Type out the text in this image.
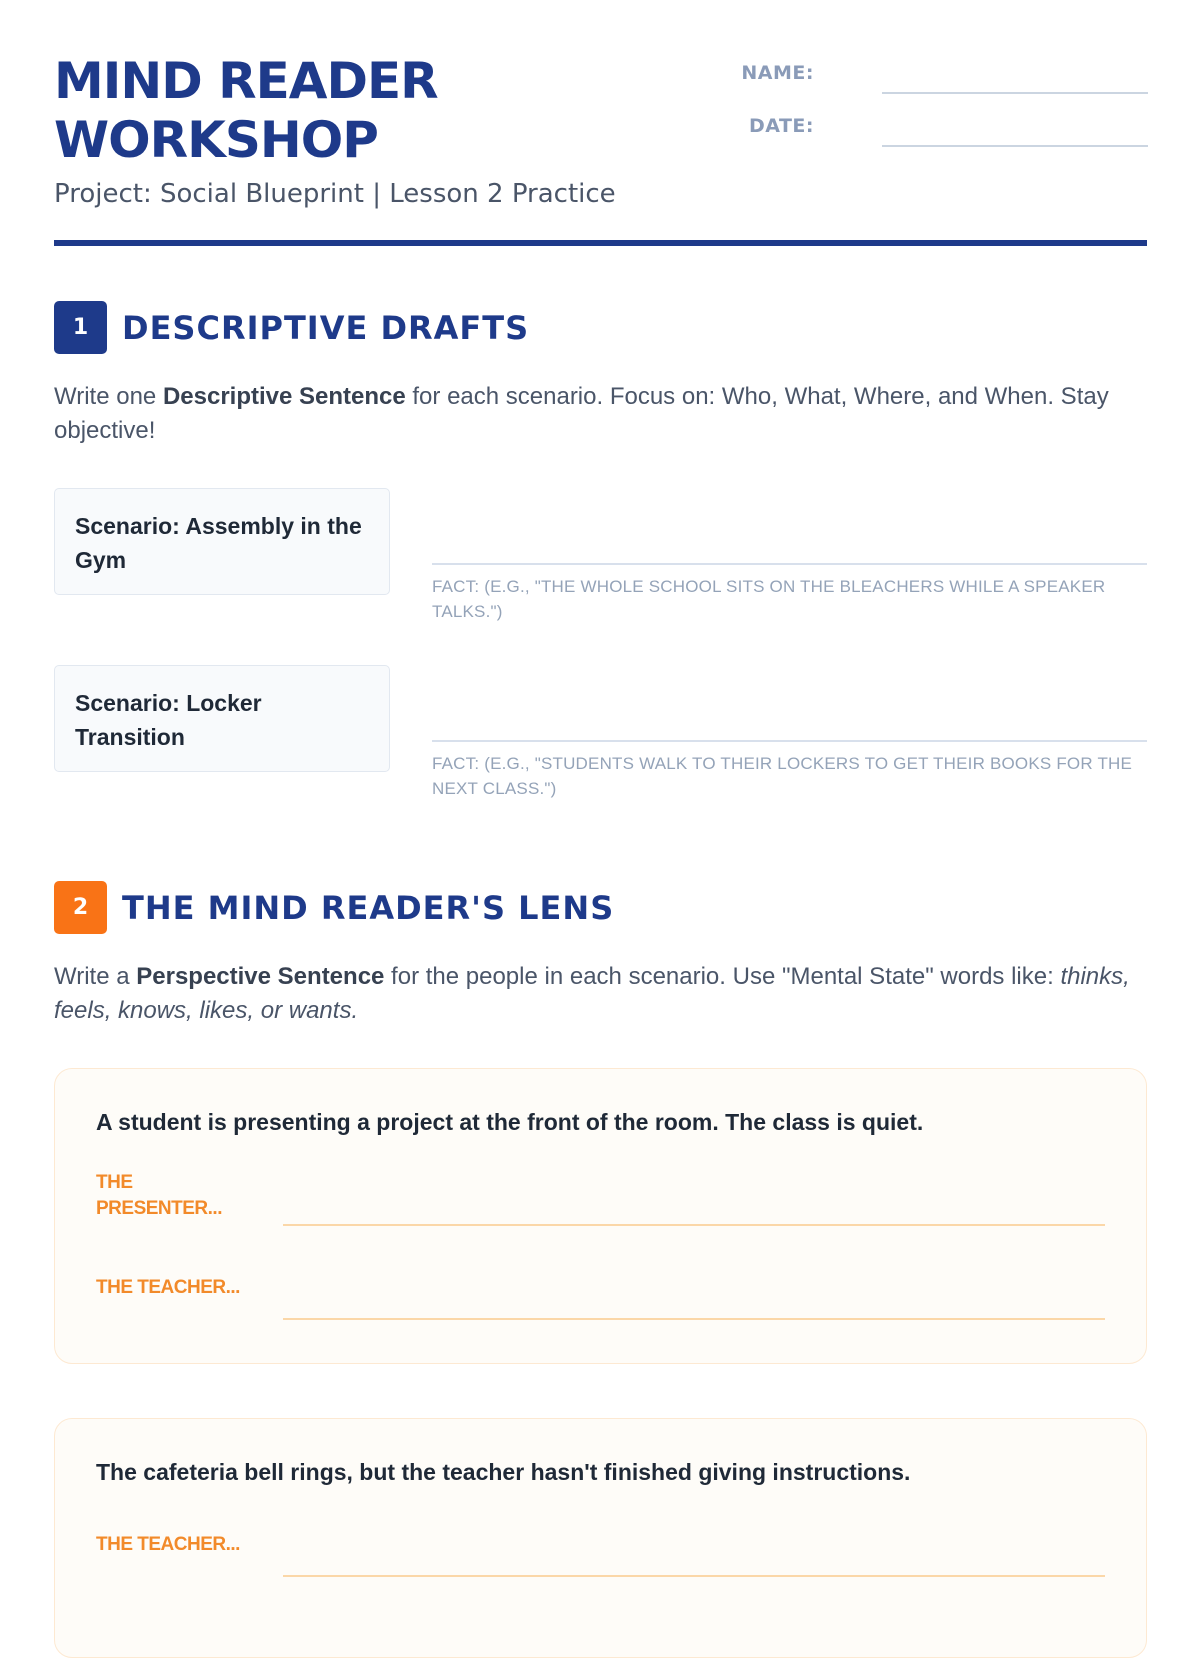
MIND READER
WORKSHOP
Project: Social Blueprint | Lesson 2 Practice
NAME:
DATE:
1	DESCRIPTIVE DRAFTS

Write one Descriptive Sentence for each scenario. Focus on: Who, What, Where, and When. Stay objective!

Scenario: Assembly in the Gym
FACT: (E.G., "THE WHOLE SCHOOL SITS ON THE BLEACHERS WHILE A SPEAKER TALKS.")
Scenario: Locker Transition
FACT: (E.G., "STUDENTS WALK TO THEIR LOCKERS TO GET THEIR BOOKS FOR THE NEXT CLASS.")
2	THE MIND READER'S LENS

Write a Perspective Sentence for the people in each scenario. Use "Mental State" words like: thinks, feels, knows, likes, or wants.

A student is presenting a project at the front of the room. The class is quiet.
THE PRESENTER...
THE TEACHER...
The cafeteria bell rings, but the teacher hasn't finished giving instructions.
THE TEACHER...
